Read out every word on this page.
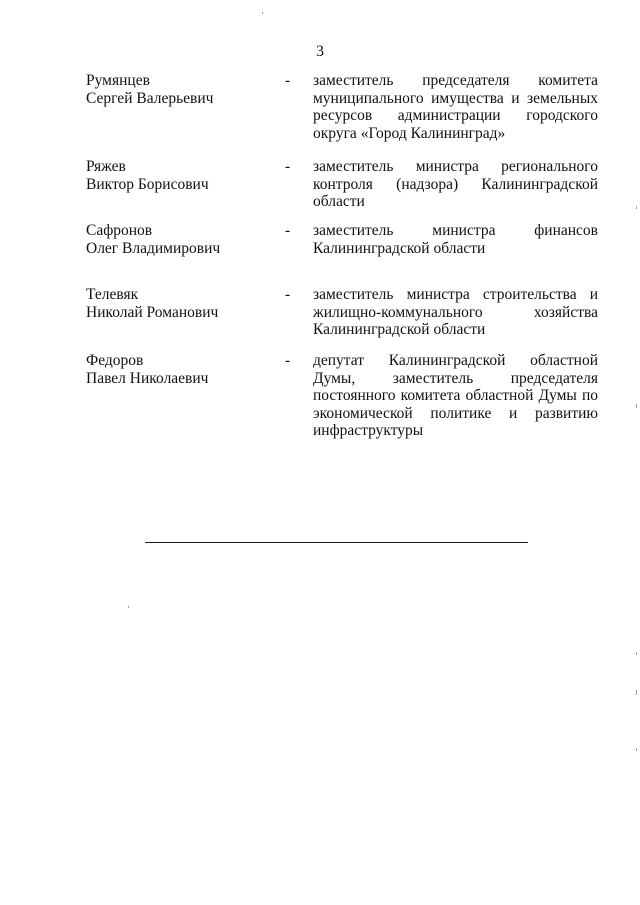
3
Румянцев
Сергей Валерьевич
-	заместитель председателя комитета
муниципального имущества и земельных
ресурсов администрации городского
округа «Город Калининград»
Ряжев
Виктор Борисович
-	заместитель министра регионального
контроля (надзора) Калининградской
области
Сафронов
Олег Владимирович
-	заместитель министра финансов
Калининградской области
Телевяк
Николай Романович
-	заместитель министра строительства и
жилищно-коммунального хозяйства
Калининградской области
Федоров
Павел Николаевич
-	депутат Калининградской областной
Думы, заместитель председателя
постоянного комитета областной Думы по
экономической политике и развитию
инфраструктуры
